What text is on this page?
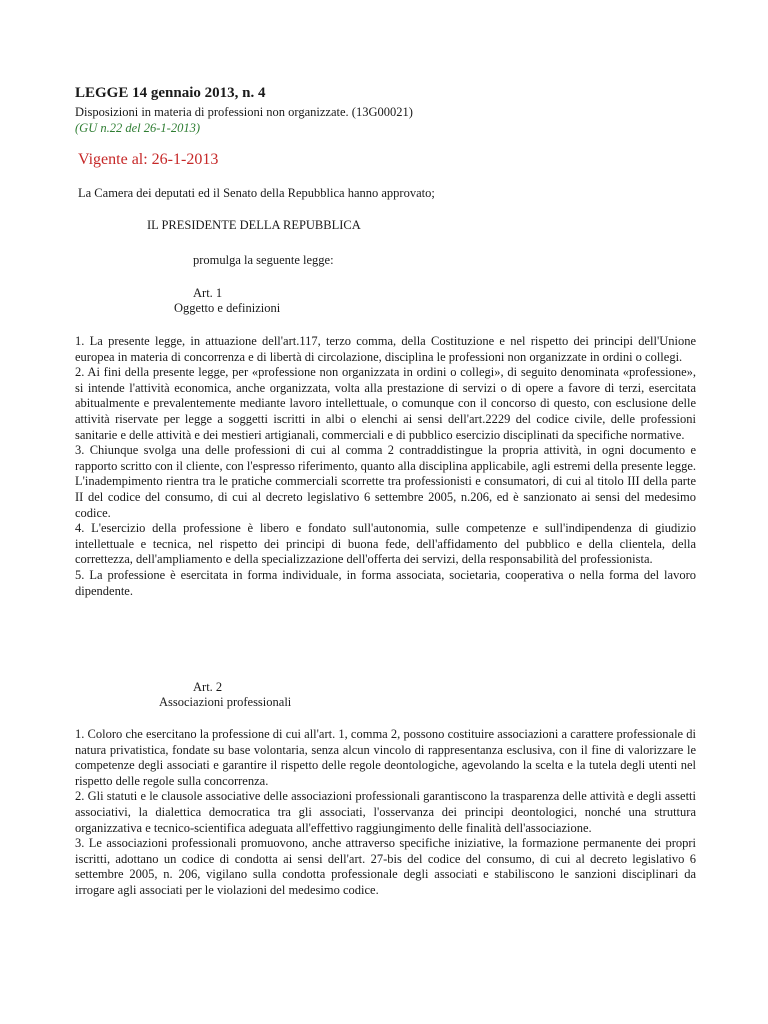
LEGGE 14 gennaio 2013, n. 4
Disposizioni in materia di professioni non organizzate. (13G00021)
(GU n.22 del 26-1-2013)
Vigente al: 26-1-2013
La Camera dei deputati ed il Senato della Repubblica hanno approvato;
IL PRESIDENTE DELLA REPUBBLICA
promulga la seguente legge:
Art. 1
Oggetto e definizioni

1. La presente legge, in attuazione dell'art.117, terzo comma, della Costituzione e nel rispetto dei principi dell'Unione europea in materia di concorrenza e di libertà di circolazione, disciplina le professioni non organizzate in ordini o collegi.

2. Ai fini della presente legge, per «professione non organizzata in ordini o collegi», di seguito denominata «professione», si intende l'attività economica, anche organizzata, volta alla prestazione di servizi o di opere a favore di terzi, esercitata abitualmente e prevalentemente mediante lavoro intellettuale, o comunque con il concorso di questo, con esclusione delle attività riservate per legge a soggetti iscritti in albi o elenchi ai sensi dell'art.2229 del codice civile, delle professioni sanitarie e delle attività e dei mestieri artigianali, commerciali e di pubblico esercizio disciplinati da specifiche normative.

3. Chiunque svolga una delle professioni di cui al comma 2 contraddistingue la propria attività, in ogni documento e rapporto scritto con il cliente, con l'espresso riferimento, quanto alla disciplina applicabile, agli estremi della presente legge. L'inadempimento rientra tra le pratiche commerciali scorrette tra professionisti e consumatori, di cui al titolo III della parte II del codice del consumo, di cui al decreto legislativo 6 settembre 2005, n.206, ed è sanzionato ai sensi del medesimo codice.

4. L'esercizio della professione è libero e fondato sull'autonomia, sulle competenze e sull'indipendenza di giudizio intellettuale e tecnica, nel rispetto dei principi di buona fede, dell'affidamento del pubblico e della clientela, della correttezza, dell'ampliamento e della specializzazione dell'offerta dei servizi, della responsabilità del professionista.

5. La professione è esercitata in forma individuale, in forma associata, societaria, cooperativa o nella forma del lavoro dipendente.

Art. 2
Associazioni professionali

1. Coloro che esercitano la professione di cui all'art. 1, comma 2, possono costituire associazioni a carattere professionale di natura privatistica, fondate su base volontaria, senza alcun vincolo di rappresentanza esclusiva, con il fine di valorizzare le competenze degli associati e garantire il rispetto delle regole deontologiche, agevolando la scelta e la tutela degli utenti nel rispetto delle regole sulla concorrenza.

2. Gli statuti e le clausole associative delle associazioni professionali garantiscono la trasparenza delle attività e degli assetti associativi, la dialettica democratica tra gli associati, l'osservanza dei principi deontologici, nonché una struttura organizzativa e tecnico-scientifica adeguata all'effettivo raggiungimento delle finalità dell'associazione.

3. Le associazioni professionali promuovono, anche attraverso specifiche iniziative, la formazione permanente dei propri iscritti, adottano un codice di condotta ai sensi dell'art. 27-bis del codice del consumo, di cui al decreto legislativo 6 settembre 2005, n. 206, vigilano sulla condotta professionale degli associati e stabiliscono le sanzioni disciplinari da irrogare agli associati per le violazioni del medesimo codice.
